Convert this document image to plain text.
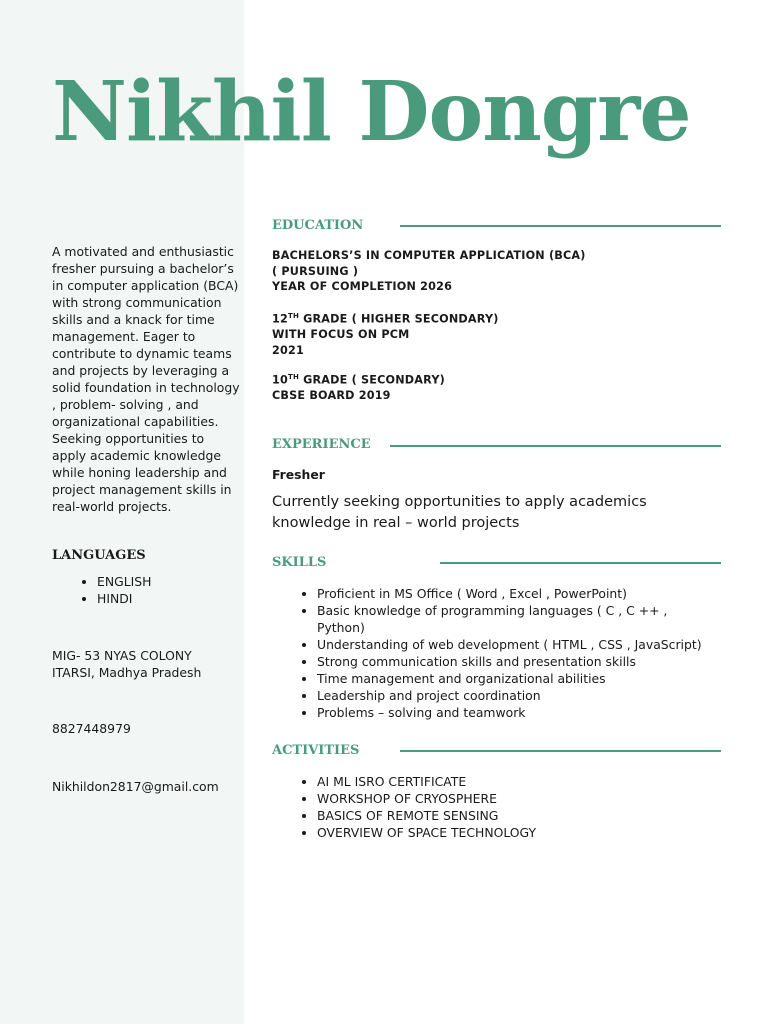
Nikhil Dongre
A motivated and enthusiastic fresher pursuing a bachelor’s in computer application (BCA) with strong communication skills and a knack for time management. Eager to contribute to dynamic teams and projects by leveraging a solid foundation in technology , problem- solving , and organizational capabilities. Seeking opportunities to apply academic knowledge while honing leadership and project management skills in real-world projects.
LANGUAGES
• ENGLISH
• HINDI
MIG- 53 NYAS COLONY
ITARSI, Madhya Pradesh
8827448979
Nikhildon2817@gmail.com
EDUCATION
BACHELORS’S IN COMPUTER APPLICATION (BCA)
( PURSUING )
YEAR OF COMPLETION 2026
12TH GRADE ( HIGHER SECONDARY)
WITH FOCUS ON PCM
2021
10TH GRADE ( SECONDARY)
CBSE BOARD 2019
EXPERIENCE
Fresher
Currently seeking opportunities to apply academics knowledge in real – world projects
SKILLS
• Proficient in MS Office ( Word , Excel , PowerPoint)
• Basic knowledge of programming languages ( C , C ++ , Python)
• Understanding of web development ( HTML , CSS , JavaScript)
• Strong communication skills and presentation skills
• Time management and organizational abilities
• Leadership and project coordination
• Problems – solving and teamwork
ACTIVITIES
• AI ML ISRO CERTIFICATE
• WORKSHOP OF CRYOSPHERE
• BASICS OF REMOTE SENSING
• OVERVIEW OF SPACE TECHNOLOGY
